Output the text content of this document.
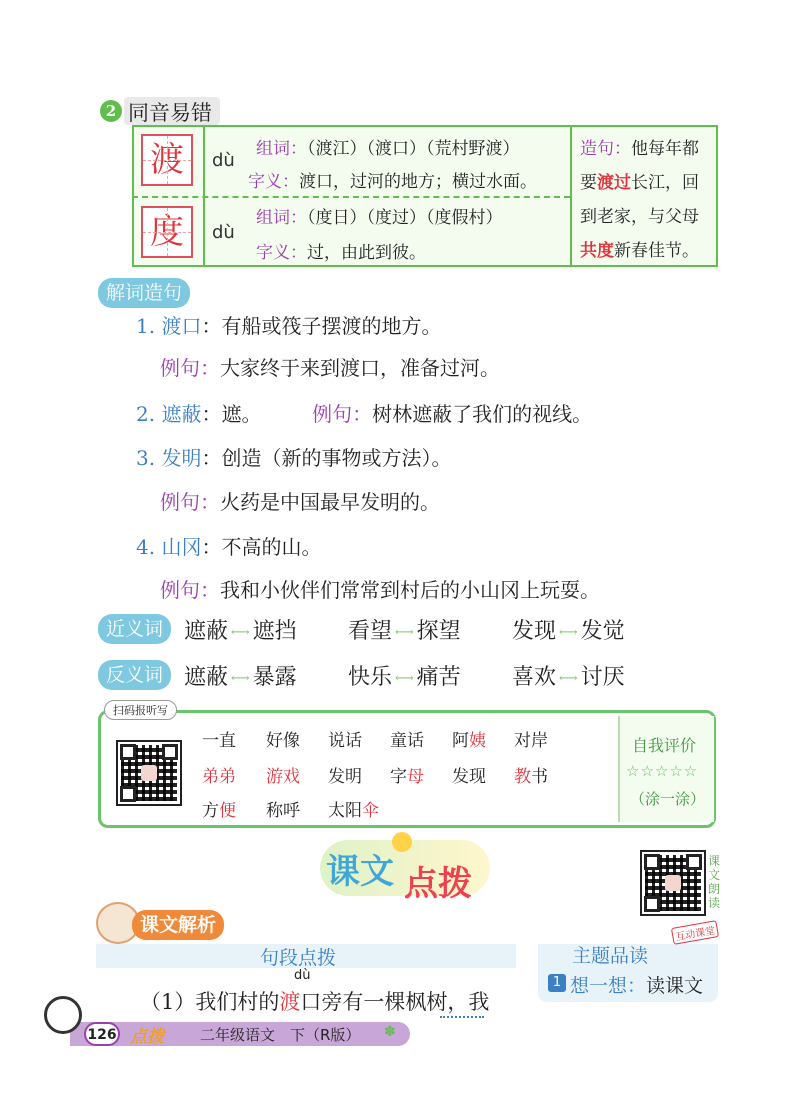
2 同音易错
渡	dù
组词：（渡江）（渡口）（荒村野渡）
字义：渡口，过河的地方；横过水面。
度	dù
组词：（度日）（度过）（度假村）
字义：过，由此到彼。
造句：他每年都
要渡过长江，回
到老家，与父母
共度新春佳节。
解词造句
1. 渡口：有船或筏子摆渡的地方。
例句：大家终于来到渡口，准备过河。
2. 遮蔽：遮。	例句：树林遮蔽了我们的视线。
3. 发明：创造（新的事物或方法）。
例句：火药是中国最早发明的。
4. 山冈：不高的山。
例句：我和小伙伴们常常到村后的小山冈上玩耍。
近义词 遮蔽 ⟷ 遮挡 看望 ⟷ 探望 发现 ⟷ 发觉
反义词 遮蔽 ⟷ 暴露 快乐 ⟷ 痛苦 喜欢 ⟷ 讨厌
扫码报听写
一直 好像 说话 童话 阿姨 对岸
弟弟 游戏 发明 字母 发现 教书
方便 称呼 太阳伞
自我评价
☆☆☆☆☆
（涂一涂）
课文 点拨
课文朗读
课文解析
句段点拨	主题品读
互动课堂
1 想一想：读课文
dù
（1）我们村的渡口旁有一棵枫树，我
126 点拨 二年级语文　下（R版） ✽
